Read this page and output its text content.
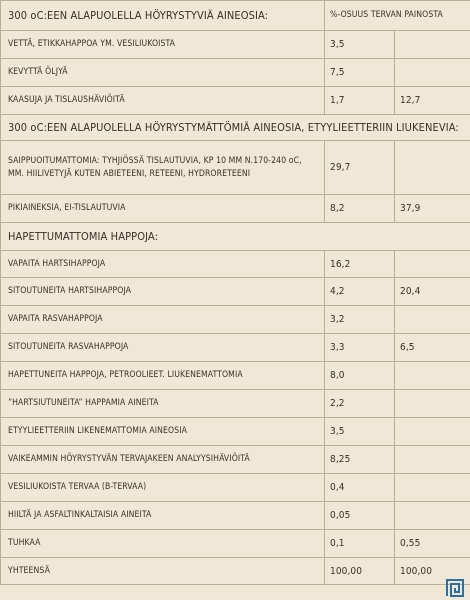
300 oC:EEN ALAPUOLELLA HÖYRYSTYVIÄ AINEOSIA:	%-OSUUS TERVAN PAINOSTA	
VETTÄ, ETIKKAHAPPOA YM. VESILIUKOISTA	3,5	
KEVYTTÄ ÖLJYÄ	7,5	
KAASUJA JA TISLAUSHÄVIÖITÄ	1,7	12,7
300 oC:EEN ALAPUOLELLA HÖYRYSTYMÄTTÖMIÄ AINEOSIA, ETYYLIEETTERIIN LIUKENEVIA:		
SAIPPUOITUMATTOMIA: TYHJIÖSSÄ TISLAUTUVIA, KP 10 MM N.170-240 oC, MM. HIILIVETYJÄ KUTEN ABIETEENI, RETEENI, HYDRORETEENI	29,7	
PIKIAINEKSIA, EI-TISLAUTUVIA	8,2	37,9
HAPETTUMATTOMIA HAPPOJA:		
VAPAITA HARTSIHAPPOJA	16,2	
SITOUTUNEITA HARTSIHAPPOJA	4,2	20,4
VAPAITA RASVAHAPPOJA	3,2	
SITOUTUNEITA RASVAHAPPOJA	3,3	6,5
HAPETTUNEITA HAPPOJA, PETROOLIEET. LIUKENEMATTOMIA	8,0	
”HARTSIUTUNEITA” HAPPAMIA AINEITA	2,2	
ETYYLIEETTERIIN LIKENEMATTOMIA AINEOSIA	3,5	
VAIKEAMMIN HÖYRYSTYVÄN TERVAJAKEEN ANALYYSIHÄVIÖITÄ	8,25	
VESILIUKOISTA TERVAA (B-TERVAA)	0,4	
HIILTÄ JA ASFALTINKALTAISIA AINEITA	0,05	
TUHKAA	0,1	0,55
YHTEENSÄ	100,00	100,00
